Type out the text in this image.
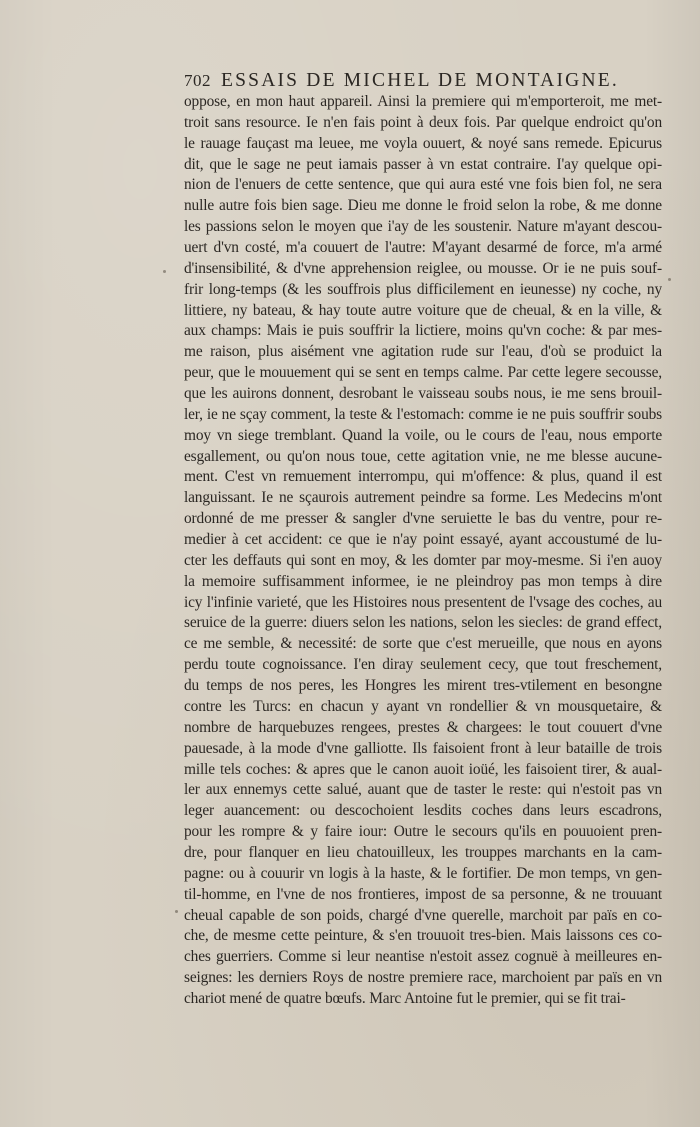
702 ESSAIS DE MICHEL DE MONTAIGNE.
oppose, en mon haut appareil. Ainsi la premiere qui m'emporteroit, me met-
troit sans resource. Ie n'en fais point à deux fois. Par quelque endroict qu'on
le rauage fauçast ma leuee, me voyla ouuert, & noyé sans remede. Epicurus
dit, que le sage ne peut iamais passer à vn estat contraire. I'ay quelque opi-
nion de l'enuers de cette sentence, que qui aura esté vne fois bien fol, ne sera
nulle autre fois bien sage. Dieu me donne le froid selon la robe, & me donne
les passions selon le moyen que i'ay de les soustenir. Nature m'ayant descou-
uert d'vn costé, m'a couuert de l'autre: M'ayant desarmé de force, m'a armé
d'insensibilité, & d'vne apprehension reiglee, ou mousse. Or ie ne puis souf-
frir long-temps (& les souffrois plus difficilement en ieunesse) ny coche, ny
littiere, ny bateau, & hay toute autre voiture que de cheual, & en la ville, &
aux champs: Mais ie puis souffrir la lictiere, moins qu'vn coche: & par mes-
me raison, plus aisément vne agitation rude sur l'eau, d'où se produict la
peur, que le mouuement qui se sent en temps calme. Par cette legere secousse,
que les auirons donnent, desrobant le vaisseau soubs nous, ie me sens brouil-
ler, ie ne sçay comment, la teste & l'estomach: comme ie ne puis souffrir soubs
moy vn siege tremblant. Quand la voile, ou le cours de l'eau, nous emporte
esgallement, ou qu'on nous toue, cette agitation vnie, ne me blesse aucune-
ment. C'est vn remuement interrompu, qui m'offence: & plus, quand il est
languissant. Ie ne sçaurois autrement peindre sa forme. Les Medecins m'ont
ordonné de me presser & sangler d'vne seruiette le bas du ventre, pour re-
medier à cet accident: ce que ie n'ay point essayé, ayant accoustumé de lu-
cter les deffauts qui sont en moy, & les domter par moy-mesme. Si i'en auoy
la memoire suffisamment informee, ie ne pleindroy pas mon temps à dire
icy l'infinie varieté, que les Histoires nous presentent de l'vsage des coches, au
seruice de la guerre: diuers selon les nations, selon les siecles: de grand effect,
ce me semble, & necessité: de sorte que c'est merueille, que nous en ayons
perdu toute cognoissance. I'en diray seulement cecy, que tout freschement,
du temps de nos peres, les Hongres les mirent tres-vtilement en besongne
contre les Turcs: en chacun y ayant vn rondellier & vn mousquetaire, &
nombre de harquebuzes rengees, prestes & chargees: le tout couuert d'vne
pauesade, à la mode d'vne galliotte. Ils faisoient front à leur bataille de trois
mille tels coches: & apres que le canon auoit ioüé, les faisoient tirer, & aual-
ler aux ennemys cette salué, auant que de taster le reste: qui n'estoit pas vn
leger auancement: ou descochoient lesdits coches dans leurs escadrons,
pour les rompre & y faire iour: Outre le secours qu'ils en pouuoient pren-
dre, pour flanquer en lieu chatouilleux, les trouppes marchants en la cam-
pagne: ou à couurir vn logis à la haste, & le fortifier. De mon temps, vn gen-
til-homme, en l'vne de nos frontieres, impost de sa personne, & ne trouuant
cheual capable de son poids, chargé d'vne querelle, marchoit par païs en co-
che, de mesme cette peinture, & s'en trouuoit tres-bien. Mais laissons ces co-
ches guerriers. Comme si leur neantise n'estoit assez cognuë à meilleures en-
seignes: les derniers Roys de nostre premiere race, marchoient par païs en vn
chariot mené de quatre bœufs. Marc Antoine fut le premier, qui se fit trai-
